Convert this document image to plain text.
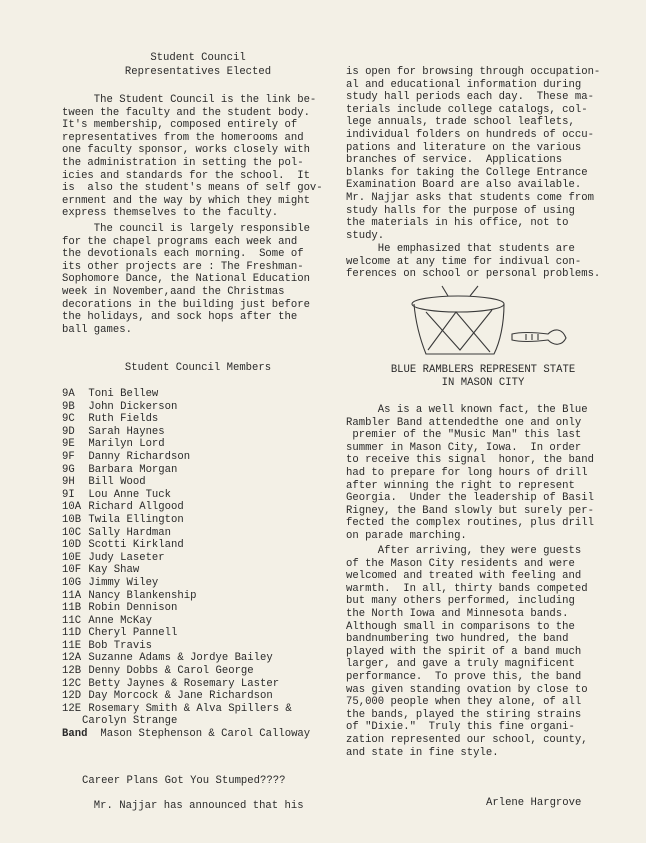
Student Council
Representatives Elected
The Student Council is the link be-
tween the faculty and the student body.
It's membership, composed entirely of
representatives from the homerooms and
one faculty sponsor, works closely with
the administration in setting the pol-
icies and standards for the school.  It
is  also the student's means of self gov-
ernment and the way by which they might
express themselves to the faculty.
The council is largely responsible
for the chapel programs each week and
the devotionals each morning.  Some of
its other projects are : The Freshman-
Sophomore Dance, the National Education
week in November,aand the Christmas
decorations in the building just before
the holidays, and sock hops after the
ball games.
Student Council Members
9A Toni Bellew
9B John Dickerson
9C Ruth Fields
9D Sarah Haynes
9E Marilyn Lord
9F Danny Richardson
9G Barbara Morgan
9H Bill Wood
9I Lou Anne Tuck
10A Richard Allgood
10B Twila Ellington
10C Sally Hardman
10D Scotti Kirkland
10E Judy Laseter
10F Kay Shaw
10G Jimmy Wiley
11A Nancy Blankenship
11B Robin Dennison
11C Anne McKay
11D Cheryl Pannell
11E Bob Travis
12A Suzanne Adams & Jordye Bailey
12B Denny Dobbs & Carol George
12C Betty Jaynes & Rosemary Laster
12D Day Morcock & Jane Richardson
12E Rosemary Smith & Alva Spillers &
Carolyn Strange
Band Mason Stephenson & Carol Calloway
Career Plans Got You Stumped????
Mr. Najjar has announced that his
is open for browsing through occupation-
al and educational information during
study hall periods each day.  These ma-
terials include college catalogs, col-
lege annuals, trade school leaflets,
individual folders on hundreds of occu-
pations and literature on the various
branches of service.  Applications
blanks for taking the College Entrance
Examination Board are also available.
Mr. Najjar asks that students come from
study halls for the purpose of using
the materials in his office, not to
study.
He emphasized that students are
welcome at any time for indivual con-
ferences on school or personal problems.
BLUE RAMBLERS REPRESENT STATE
IN MASON CITY
As is a well known fact, the Blue
Rambler Band attendedthe one and only
premier of the "Music Man" this last
summer in Mason City, Iowa.  In order
to receive this signal  honor, the band
had to prepare for long hours of drill
after winning the right to represent
Georgia.  Under the leadership of Basil
Rigney, the Band slowly but surely per-
fected the complex routines, plus drill
on parade marching.
After arriving, they were guests
of the Mason City residents and were
welcomed and treated with feeling and
warmth.  In all, thirty bands competed
but many others performed, including
the North Iowa and Minnesota bands.
Although small in comparisons to the
bandnumbering two hundred, the band
played with the spirit of a band much
larger, and gave a truly magnificent
performance.  To prove this, the band
was given standing ovation by close to
75,000 people when they alone, of all
the bands, played the stiring strains
of "Dixie."  Truly this fine organi-
zation represented our school, county,
and state in fine style.
Arlene Hargrove
